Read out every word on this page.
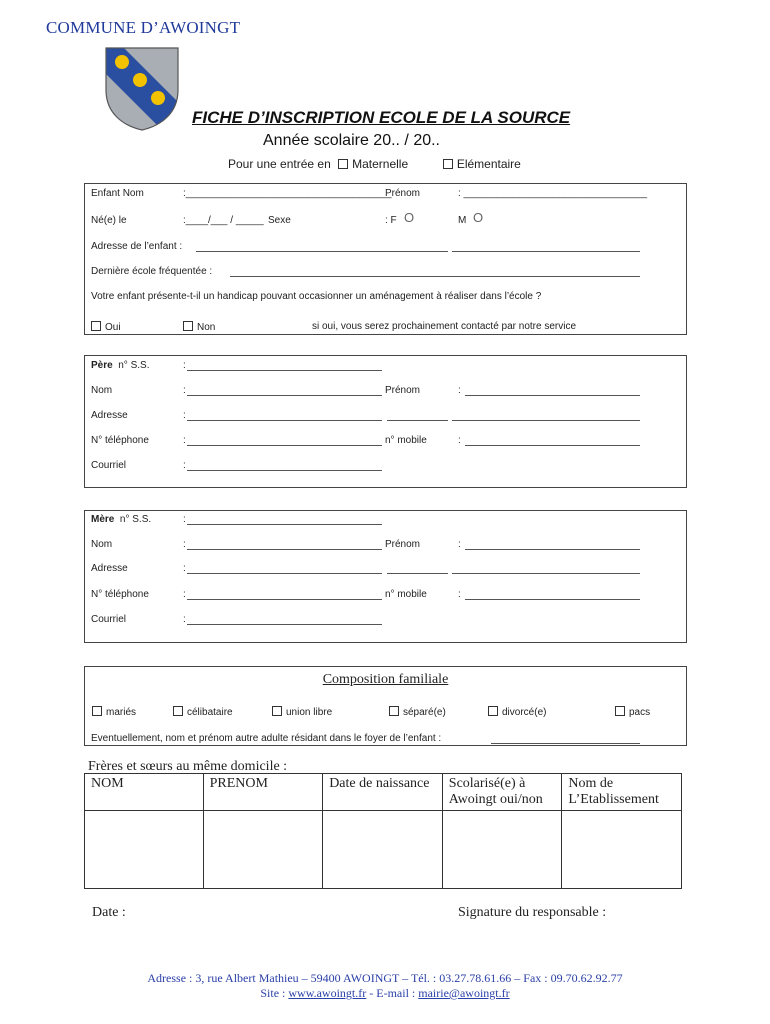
COMMUNE D’AWOINGT
FICHE D’INSCRIPTION ECOLE DE LA SOURCE
Année scolaire 20.. / 20..
Pour une entrée en Maternelle	Elémentaire
Enfant Nom	:_____________________________________
Prénom	: _________________________________
Né(e) le	:____/___ / _____ Sexe	: F O	M O
Adresse de l’enfant :
Dernière école fréquentée :
Votre enfant présente-t-il un handicap pouvant occasionner un aménagement à réaliser dans l’école ?
Oui	Non	si oui, vous serez prochainement contacté par notre service
Père n° S.S.	:
Nom	:	Prénom	:
Adresse	:
N° téléphone	:	n° mobile	:
Courriel	:
Mère n° S.S.	:
Nom	:	Prénom	:
Adresse	:
N° téléphone	:	n° mobile	:
Courriel	:
Composition familiale
mariés	célibataire	union libre	séparé(e)	divorcé(e)	pacs
Eventuellement, nom et prénom autre adulte résidant dans le foyer de l’enfant :
Frères et sœurs au même domicile :
NOM	PRENOM	Date de naissance	Scolarisé(e) à Awoingt oui/non	Nom de L’Etablissement

Date :	Signature du responsable :
Adresse : 3, rue Albert Mathieu – 59400 AWOINGT – Tél. : 03.27.78.61.66 – Fax : 09.70.62.92.77
Site : www.awoingt.fr - E-mail : mairie@awoingt.fr
